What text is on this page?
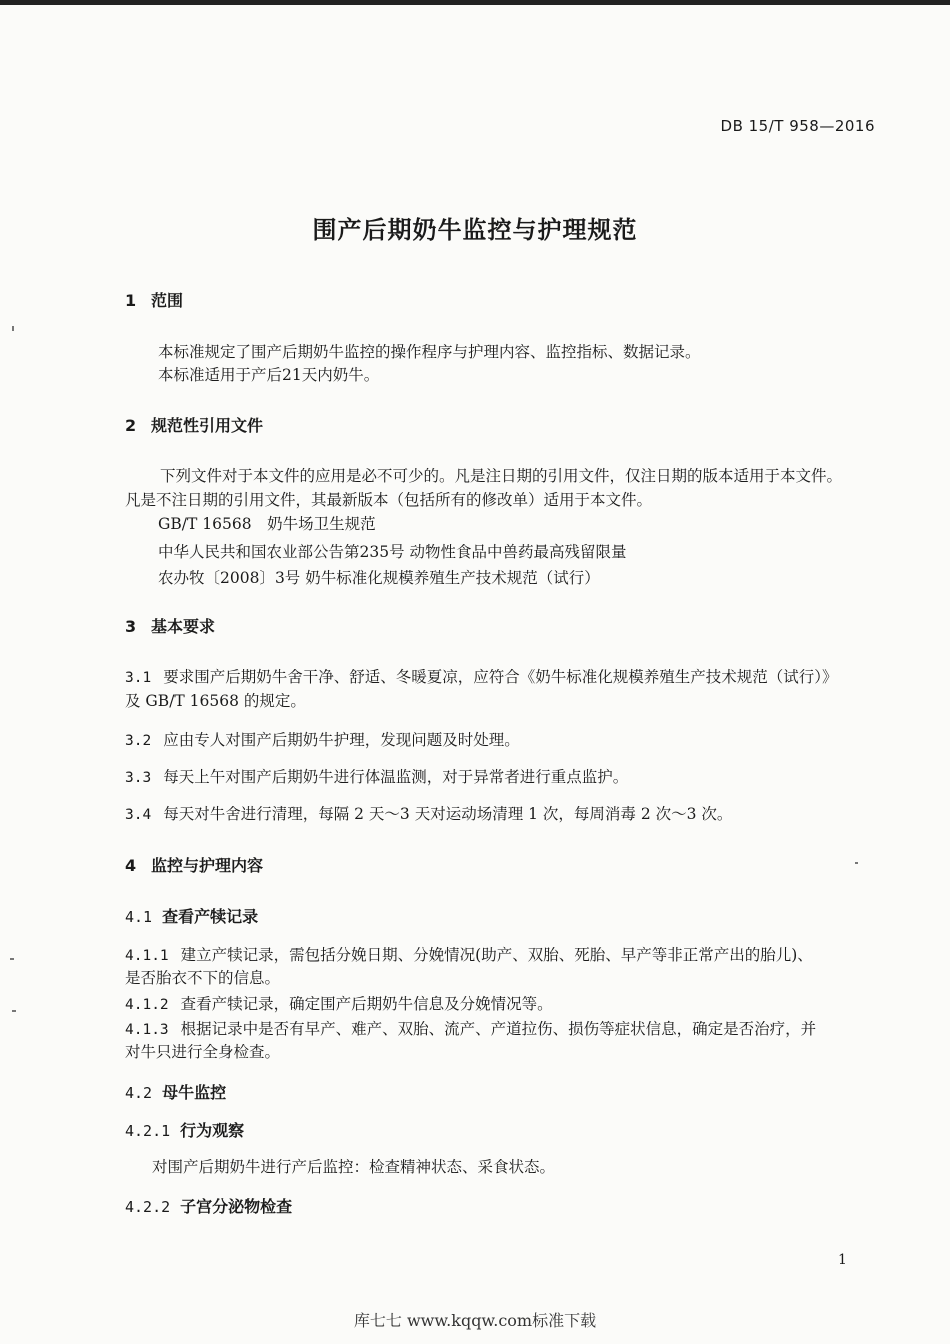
DB 15/T 958—2016
围产后期奶牛监控与护理规范
1 范围
本标准规定了围产后期奶牛监控的操作程序与护理内容、监控指标、数据记录。
本标准适用于产后21天内奶牛。
2 规范性引用文件
下列文件对于本文件的应用是必不可少的。凡是注日期的引用文件，仅注日期的版本适用于本文件。
凡是不注日期的引用文件，其最新版本（包括所有的修改单）适用于本文件。
GB/T 16568　奶牛场卫生规范
中华人民共和国农业部公告第235号 动物性食品中兽药最高残留限量
农办牧〔2008〕3号 奶牛标准化规模养殖生产技术规范（试行）
3 基本要求
3.1 要求围产后期奶牛舍干净、舒适、冬暖夏凉，应符合《奶牛标准化规模养殖生产技术规范（试行）》
及 GB/T 16568 的规定。
3.2 应由专人对围产后期奶牛护理，发现问题及时处理。
3.3 每天上午对围产后期奶牛进行体温监测，对于异常者进行重点监护。
3.4 每天对牛舍进行清理，每隔 2 天～3 天对运动场清理 1 次，每周消毒 2 次～3 次。
4 监控与护理内容
4.1 查看产犊记录
4.1.1 建立产犊记录，需包括分娩日期、分娩情况(助产、双胎、死胎、早产等非正常产出的胎儿)、
是否胎衣不下的信息。
4.1.2 查看产犊记录，确定围产后期奶牛信息及分娩情况等。
4.1.3 根据记录中是否有早产、难产、双胎、流产、产道拉伤、损伤等症状信息，确定是否治疗，并
对牛只进行全身检查。
4.2 母牛监控
4.2.1 行为观察
对围产后期奶牛进行产后监控：检查精神状态、采食状态。
4.2.2 子宫分泌物检查
1
库七七 www.kqqw.com标准下载
